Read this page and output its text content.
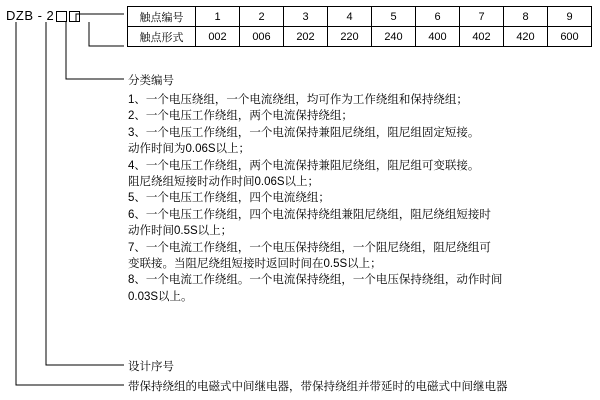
DZB - 2	触点编号	1	2	3	4	5	6	7	8	9
触点形式	002	006	202	220	240	400	402	420	600
分类编号
1、一个电压绕组，一个电流绕组，均可作为工作绕组和保持绕组；
2、一个电压工作绕组，两个电流保持绕组；
3、一个电压工作绕组，一个电流保持兼阻尼绕组，阻尼组固定短接。
动作时间为0.06S以上；
4、一个电压工作绕组，两个电流保持兼阻尼绕组，阻尼组可变联接。
阻尼绕组短接时动作时间0.06S以上；
5、一个电压工作绕组，四个电流绕组；
6、一个电压工作绕组，四个电流保持绕组兼阻尼绕组，阻尼绕组短接时
动作时间0.5S以上；
7、一个电流工作绕组，一个电压保持绕组，一个阻尼绕组，阻尼绕组可
变联接。当阻尼绕组短接时返回时间在0.5S以上；
8、一个电流工作绕组。一个电流保持绕组，一个电压保持绕组，动作时间
0.03S以上。
设计序号
带保持绕组的电磁式中间继电器，带保持绕组并带延时的电磁式中间继电器
